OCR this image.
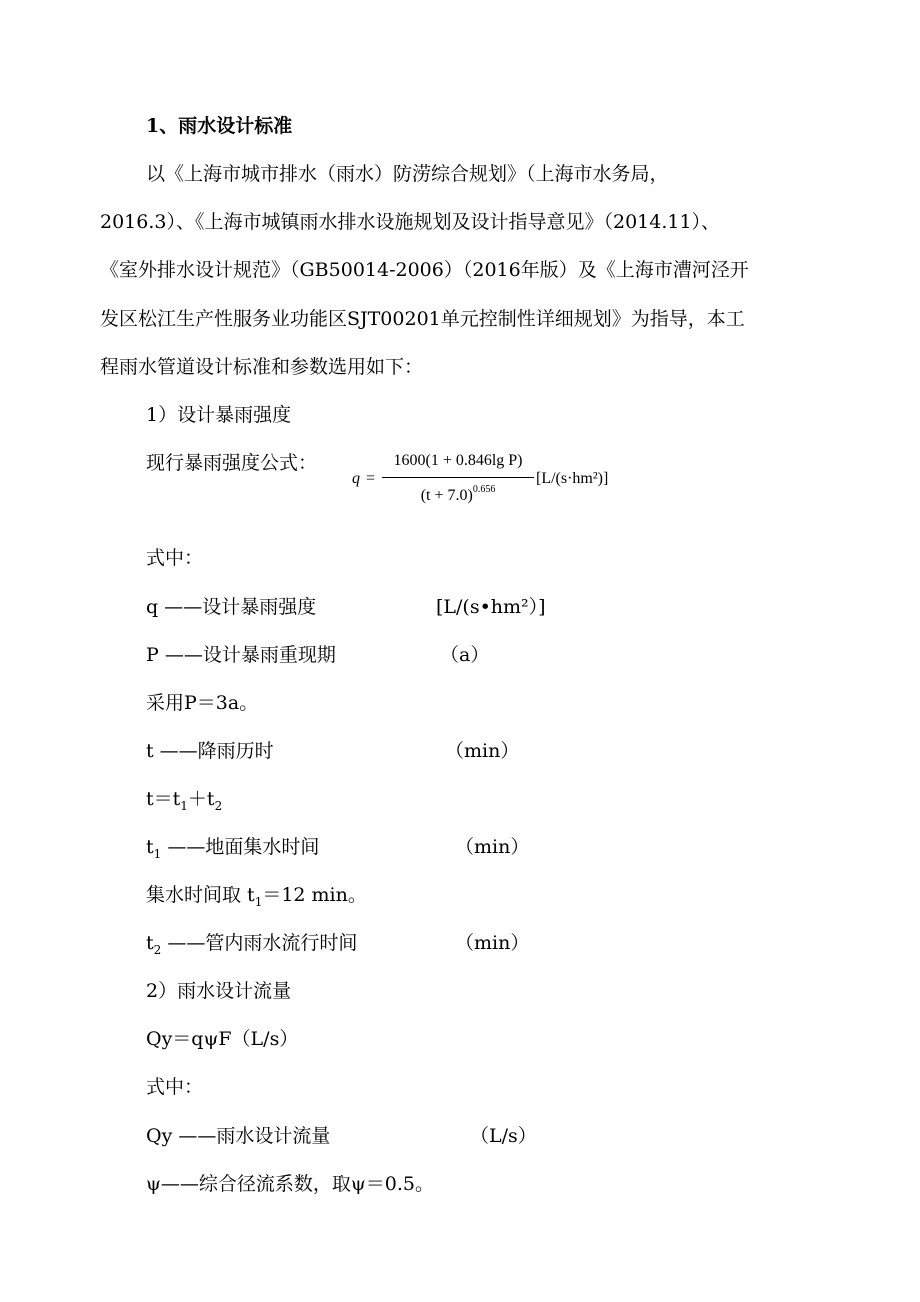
1、雨水设计标准
以《上海市城市排水（雨水）防涝综合规划》（上海市水务局，
2016.3）、《上海市城镇雨水排水设施规划及设计指导意见》（2014.11）、
《室外排水设计规范》（GB50014-2006）（2016年版）及《上海市漕河泾开
发区松江生产性服务业功能区SJT00201单元控制性详细规划》为指导，本工
程雨水管道设计标准和参数选用如下：
1）设计暴雨强度
现行暴雨强度公式：
q =
1600(1 + 0.846lg P)
$(t + 7.0)^{0.656}$
[L/(s·hm²)]
式中：
q ——设计暴雨强度	[L/(s•hm²）]
P ——设计暴雨重现期	（a）
采用P＝3a。
t ——降雨历时	（min）
$t=t_1+t_2$
$t_1$ ——地面集水时间	（min）
集水时间取 $t_1=12$ min。
$t_2$ ——管内雨水流行时间	（min）
2）雨水设计流量
Qy＝qψF（L/s）
式中：
Qy ——雨水设计流量	（L/s）
ψ——综合径流系数，取ψ＝0.5。
